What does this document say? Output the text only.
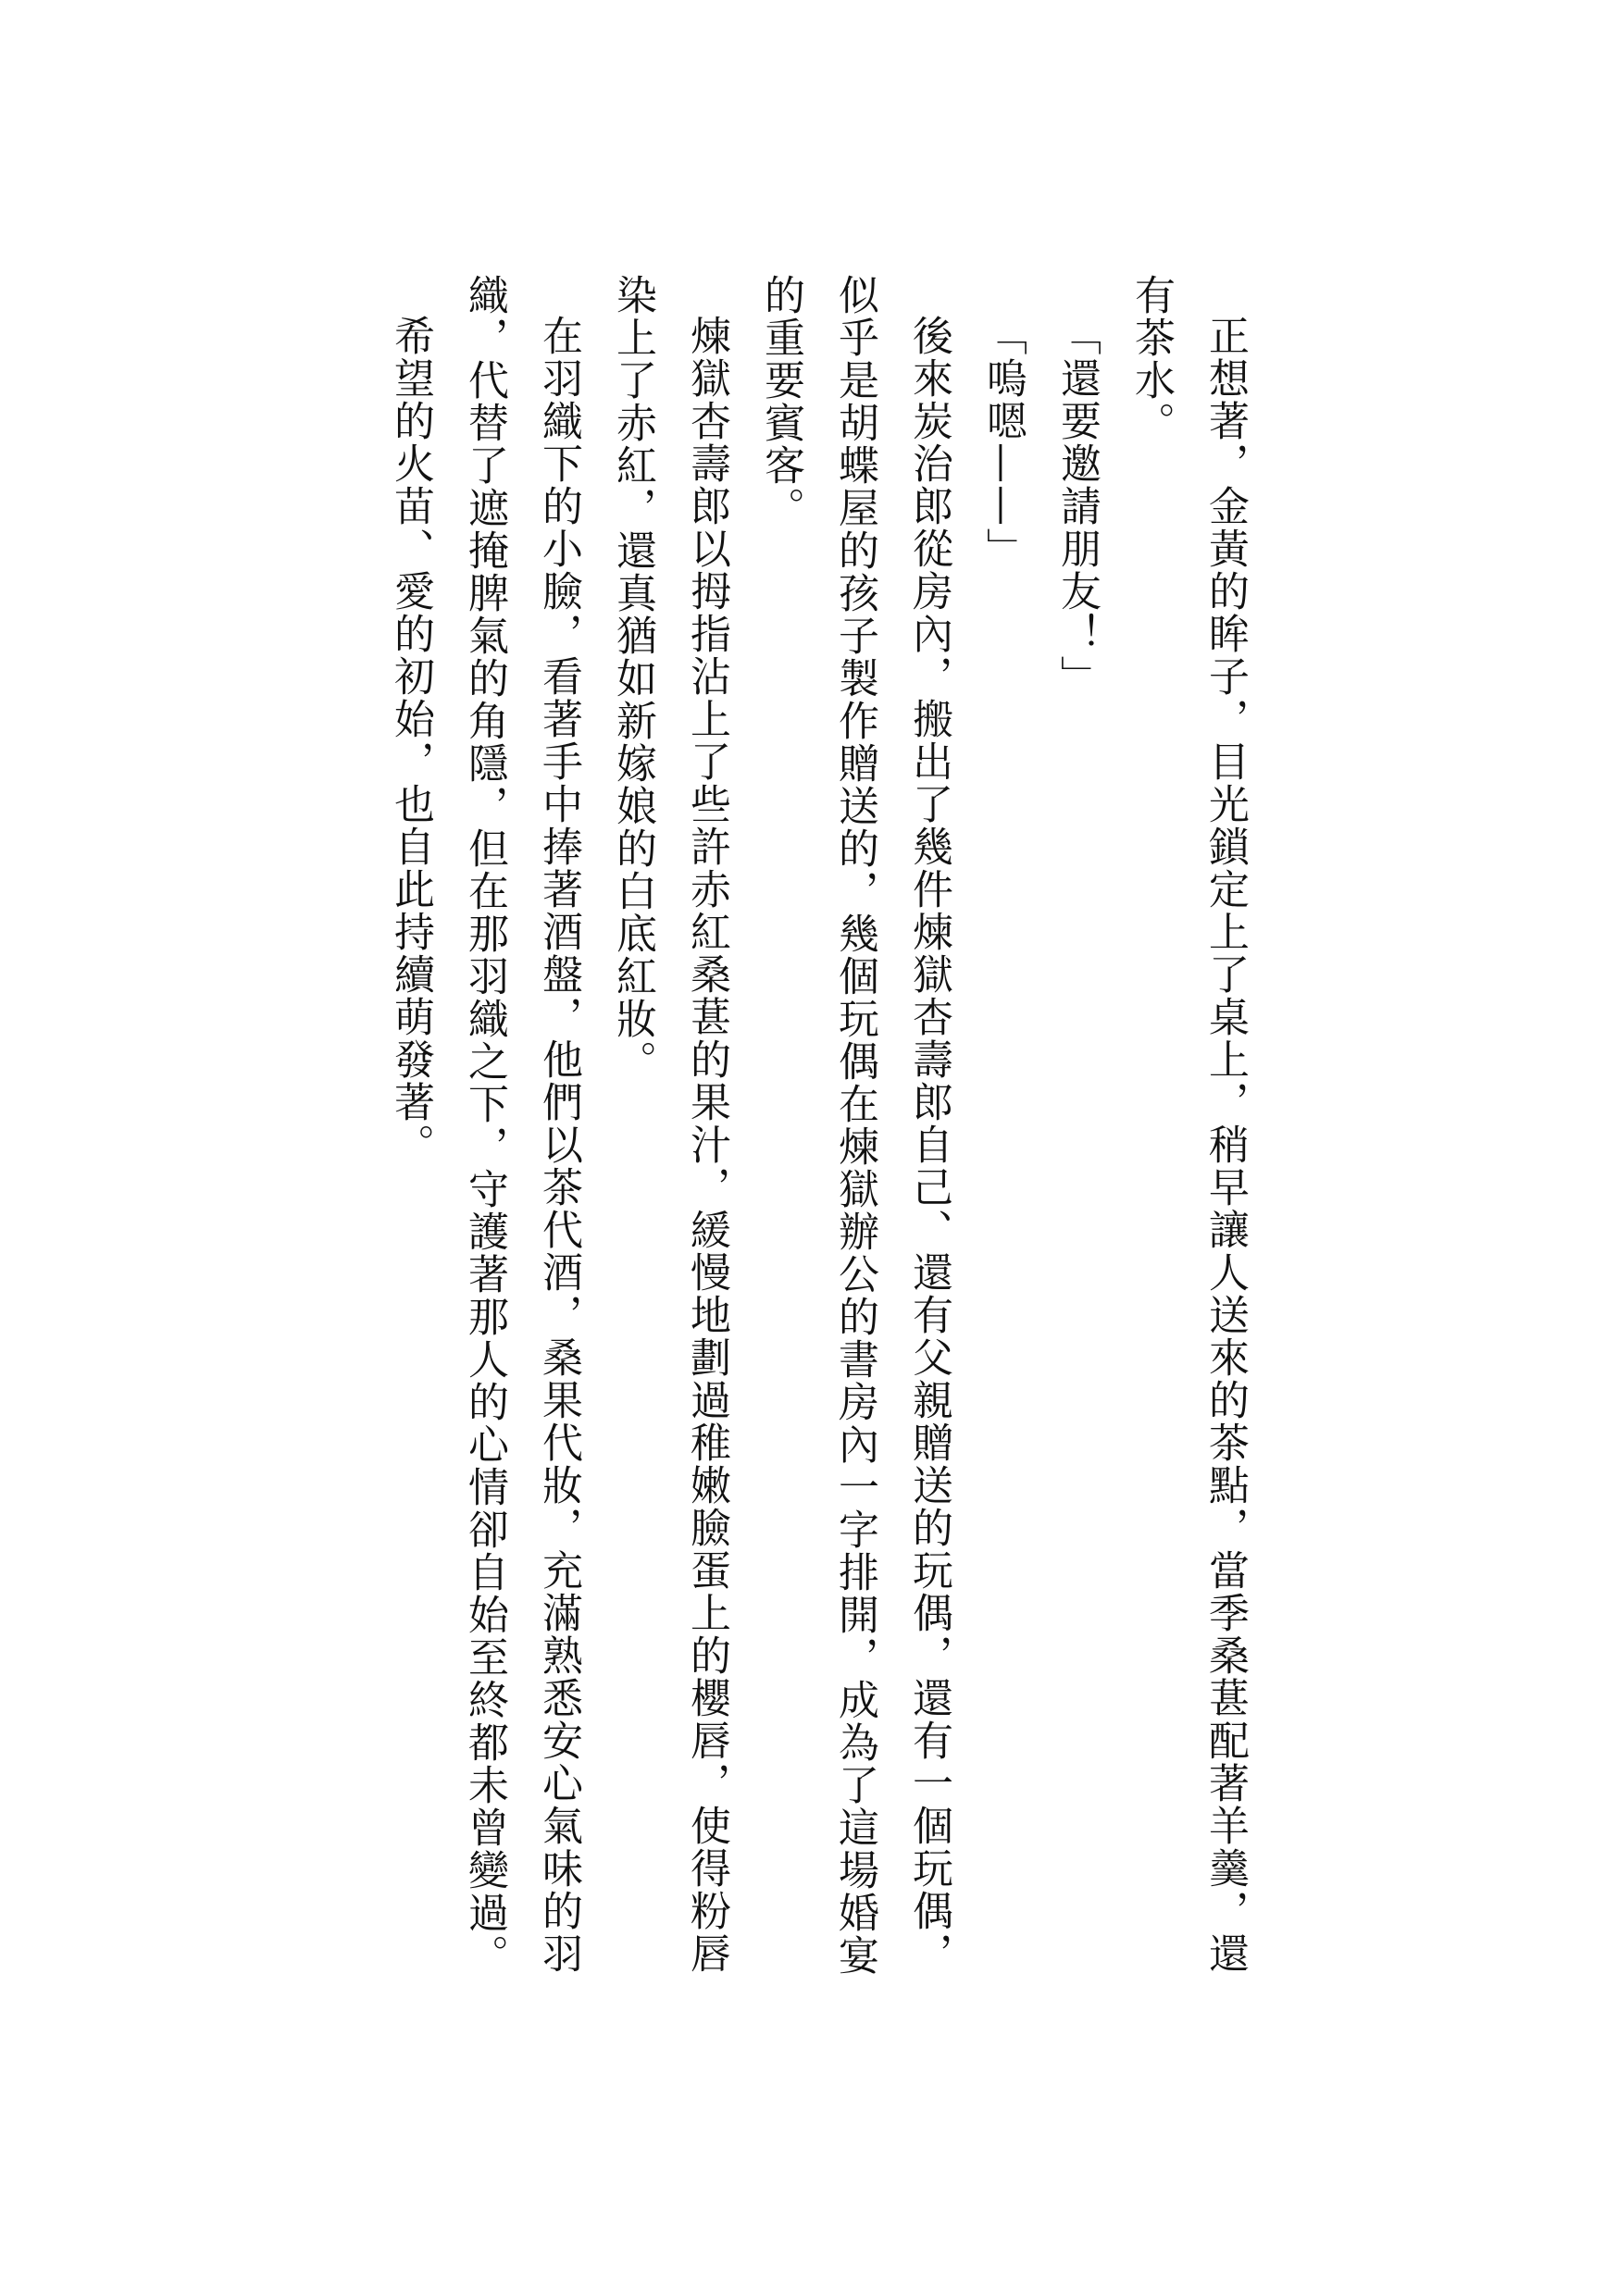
正想著，金黃的眸子，目光鎖定上了桌上，稍早讓人送來的茶點，當季桑葚配著羊羹，還有茶水。

「還要邀請朋友！」

「嗚嗯——」

後來炭治郎從房內，搬出了幾件煉獄杏壽郎自己、還有父親贈送的玩偶，還有一個玩偶，似乎是胡蝶屋的孩子製作贈送的，幾個玩偶在煉獄辦公的書房內一字排開，成為了這場婚宴的重要賓客。

煉獄杏壽郎以拇指沾上了些許赤紅桑葚的果汁，緩慢地劃過稚嫩臉蛋上的櫻唇，使得粉唇染上了赤紅，還真猶如新嫁娘的白底紅妝。

在羽織下的小臉，看著手中捧著酒盤，他們以茶代酒，桑果代妝，充滿熟悉安心氣味的羽織，代替了遮掩脾氣的角隱，但在那羽織之下，守護著那人的心情卻自始至終都未曾變過。

希望的火苗、愛的初始，也自此持續萌發著。
